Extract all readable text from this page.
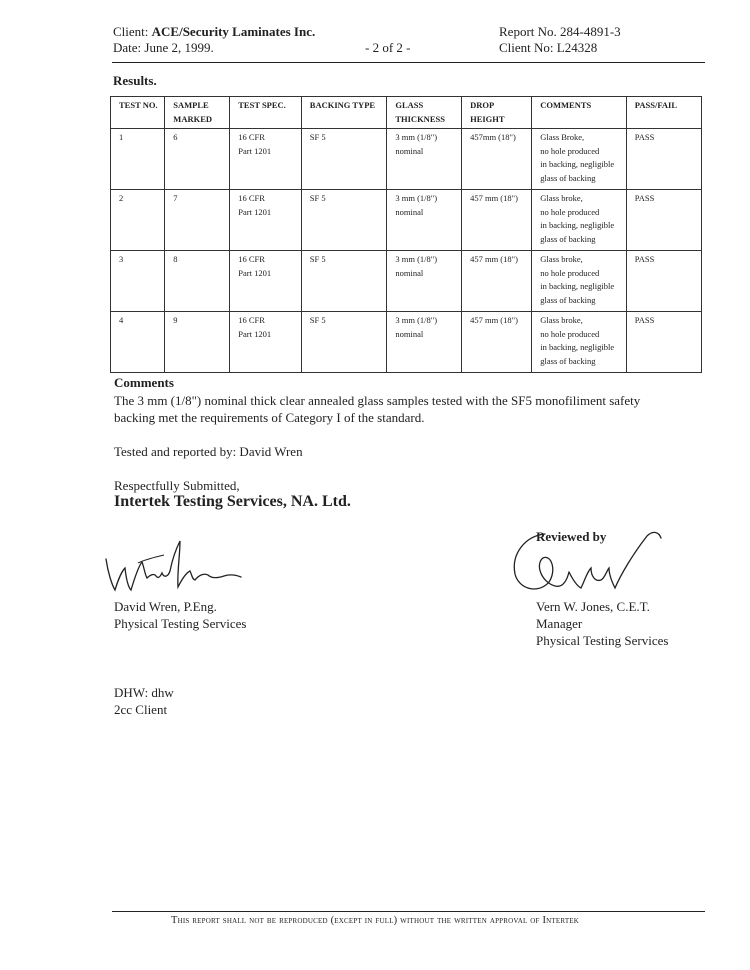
Client: ACE/Security Laminates Inc.
Date: June 2, 1999.	- 2 of 2 -
Report No. 284-4891-3
Client No: L24328
Results.
TEST NO.	SAMPLE
MARKED	TEST SPEC.	BACKING TYPE	GLASS
THICKNESS	DROP
HEIGHT	COMMENTS	PASS/FAIL

1	6	16 CFR
Part 1201	SF 5	3 mm (1/8")
nominal	457mm (18")	Glass Broke,
no hole produced
in backing, negligible
glass of backing	PASS

2	7	16 CFR
Part 1201	SF 5	3 mm (1/8")
nominal	457 mm (18")	Glass broke,
no hole produced
in backing, negligible
glass of backing	PASS

3	8	16 CFR
Part 1201	SF 5	3 mm (1/8")
nominal	457 mm (18")	Glass broke,
no hole produced
in backing, negligible
glass of backing	PASS

4	9	16 CFR
Part 1201	SF 5	3 mm (1/8")
nominal	457 mm (18")	Glass broke,
no hole produced
in backing, negligible
glass of backing	PASS
Comments
The 3 mm (1/8") nominal thick clear annealed glass samples tested with the SF5 monofiliment safety
backing met the requirements of Category I of the standard.
Tested and reported by: David Wren
Respectfully Submitted,
Intertek Testing Services, NA. Ltd.
David Wren, P.Eng.
Physical Testing Services
Reviewed by
Vern W. Jones, C.E.T.
Manager
Physical Testing Services
DHW: dhw
2cc Client
This report shall not be reproduced (except in full) without the written approval of Intertek
